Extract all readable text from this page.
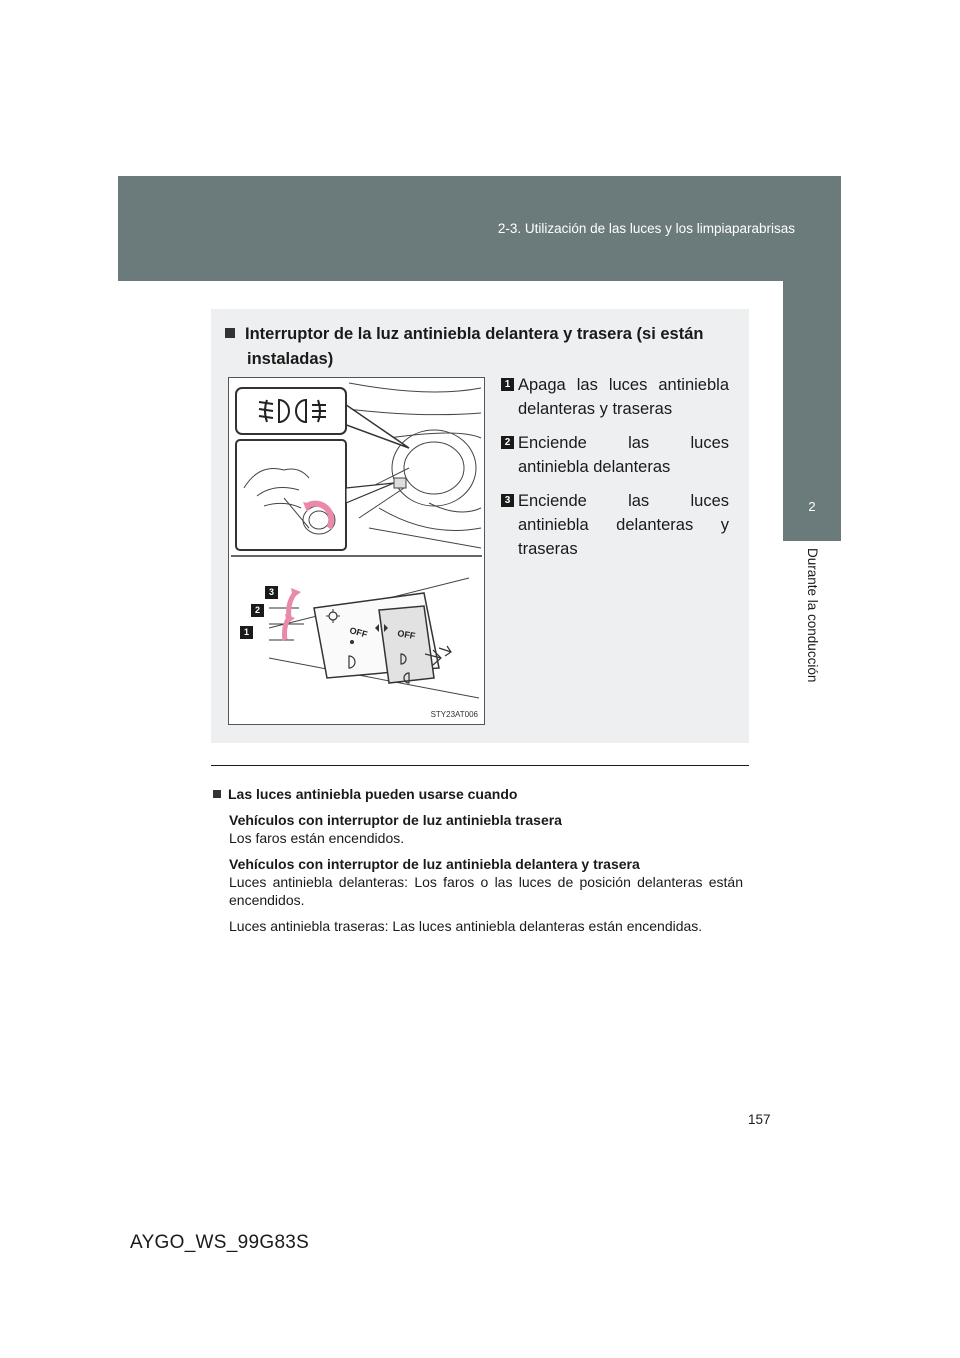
2-3. Utilización de las luces y los limpiaparabrisas
2
Durante la conducción
Interruptor de la luz antiniebla delantera y trasera (si están
instaladas)
OFF	OFF
3
2
1
STY23AT006
1 Apaga las luces antiniebla delanteras y traseras
2 Enciende las luces antiniebla delanteras
3 Enciende las luces antiniebla delanteras y traseras
Las luces antiniebla pueden usarse cuando
Vehículos con interruptor de luz antiniebla trasera

Los faros están encendidos.

Vehículos con interruptor de luz antiniebla delantera y trasera

Luces antiniebla delanteras: Los faros o las luces de posición delanteras están encendidos.

Luces antiniebla traseras: Las luces antiniebla delanteras están encendidas.

157
AYGO_WS_99G83S
